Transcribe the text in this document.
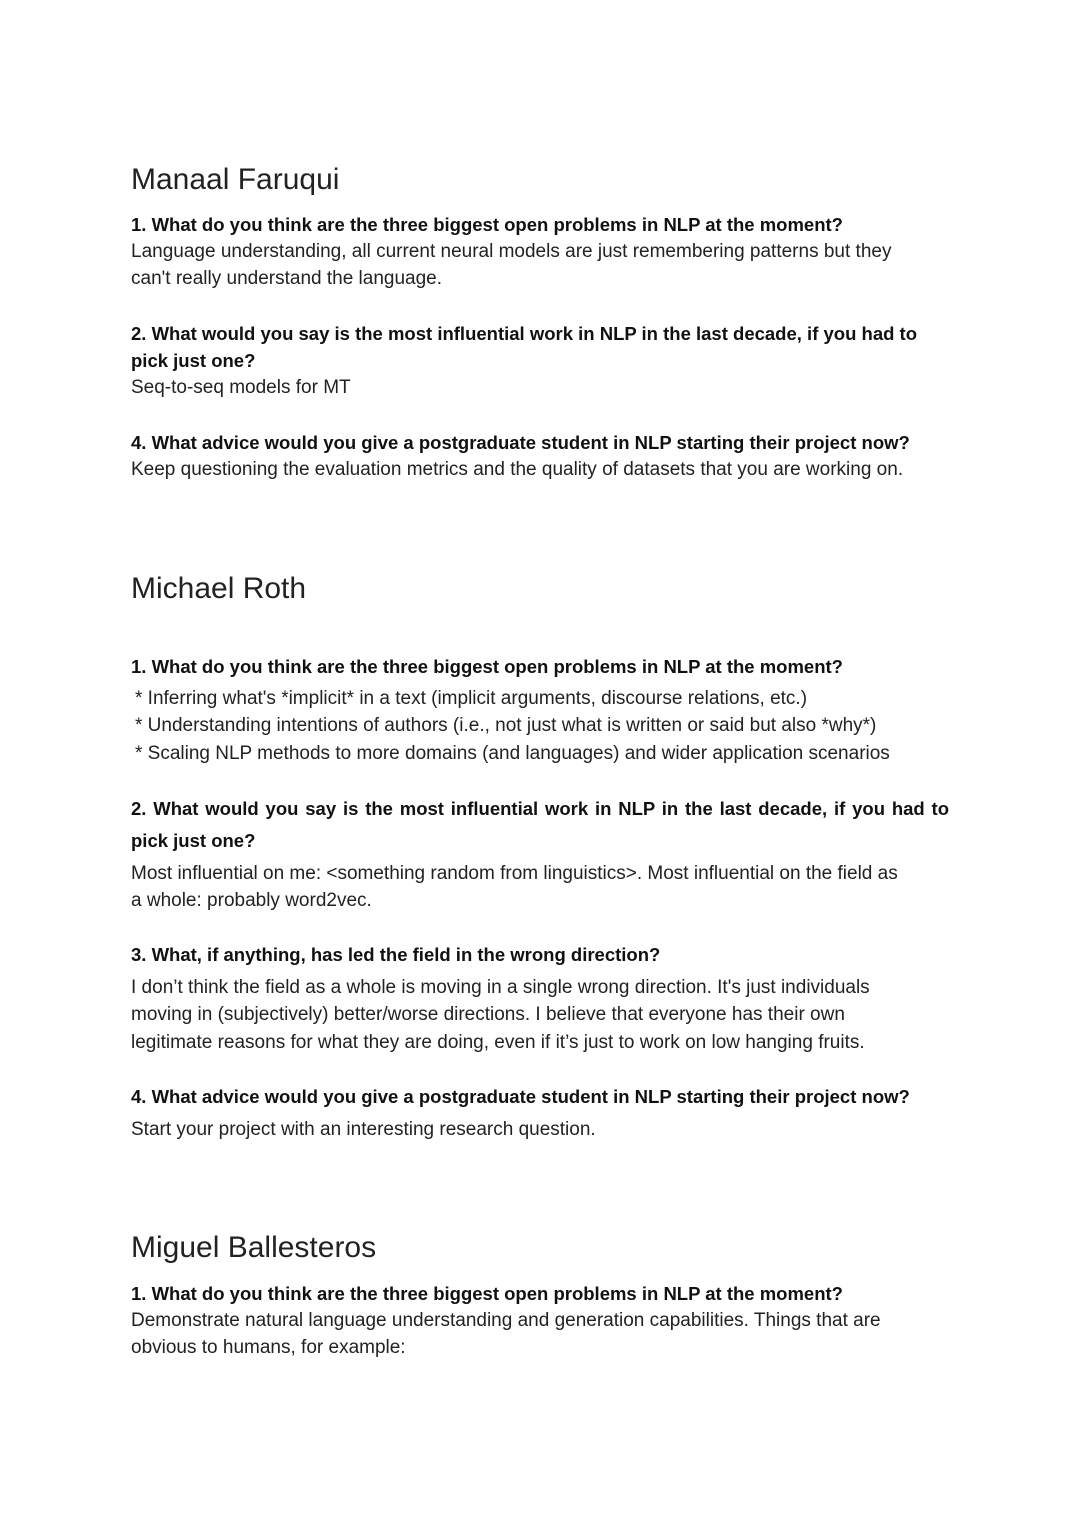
Manaal Faruqui
1. What do you think are the three biggest open problems in NLP at the moment?
Language understanding, all current neural models are just remembering patterns but they
can't really understand the language.
2. What would you say is the most influential work in NLP in the last decade, if you had to
pick just one?
Seq-to-seq models for MT
4. What advice would you give a postgraduate student in NLP starting their project now?
Keep questioning the evaluation metrics and the quality of datasets that you are working on.
Michael Roth
1. What do you think are the three biggest open problems in NLP at the moment?
* Inferring what's *implicit* in a text (implicit arguments, discourse relations, etc.)
* Understanding intentions of authors (i.e., not just what is written or said but also *why*)
* Scaling NLP methods to more domains (and languages) and wider application scenarios
2. What would you say is the most influential work in NLP in the last decade, if you had to
pick just one?
Most influential on me: <something random from linguistics>. Most influential on the field as
a whole: probably word2vec.
3. What, if anything, has led the field in the wrong direction?
I don’t think the field as a whole is moving in a single wrong direction. It's just individuals
moving in (subjectively) better/worse directions. I believe that everyone has their own
legitimate reasons for what they are doing, even if it’s just to work on low hanging fruits.
4. What advice would you give a postgraduate student in NLP starting their project now?
Start your project with an interesting research question.
Miguel Ballesteros
1. What do you think are the three biggest open problems in NLP at the moment?
Demonstrate natural language understanding and generation capabilities. Things that are
obvious to humans, for example:
